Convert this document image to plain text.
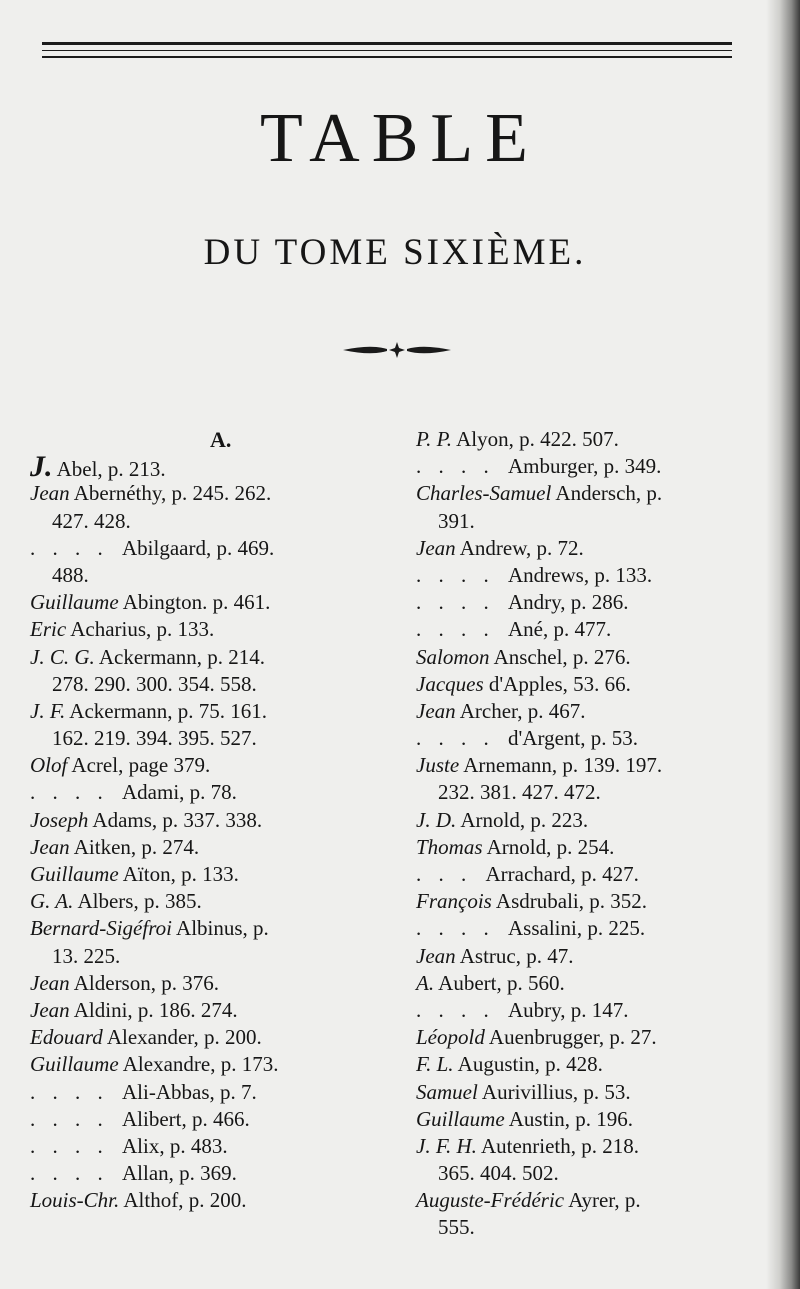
TABLE
DU TOME SIXIÈME.
A.
J. Abel, p. 213.
Jean Abernéthy, p. 245. 262.
427. 428.
. . . . Abilgaard, p. 469.
488.
Guillaume Abington. p. 461.
Eric Acharius, p. 133.
J. C. G. Ackermann, p. 214.
278. 290. 300. 354. 558.
J. F. Ackermann, p. 75. 161.
162. 219. 394. 395. 527.
Olof Acrel, page 379.
. . . . Adami, p. 78.
Joseph Adams, p. 337. 338.
Jean Aitken, p. 274.
Guillaume Aïton, p. 133.
G. A. Albers, p. 385.
Bernard-Sigéfroi Albinus, p.
13. 225.
Jean Alderson, p. 376.
Jean Aldini, p. 186. 274.
Edouard Alexander, p. 200.
Guillaume Alexandre, p. 173.
. . . . Ali-Abbas, p. 7.
. . . . Alibert, p. 466.
. . . . Alix, p. 483.
. . . . Allan, p. 369.
Louis-Chr. Althof, p. 200.
P. P. Alyon, p. 422. 507.
. . . . Amburger, p. 349.
Charles-Samuel Andersch, p.
391.
Jean Andrew, p. 72.
. . . . Andrews, p. 133.
. . . . Andry, p. 286.
. . . . Ané, p. 477.
Salomon Anschel, p. 276.
Jacques d'Apples, 53. 66.
Jean Archer, p. 467.
. . . . d'Argent, p. 53.
Juste Arnemann, p. 139. 197.
232. 381. 427. 472.
J. D. Arnold, p. 223.
Thomas Arnold, p. 254.
. . . Arrachard, p. 427.
François Asdrubali, p. 352.
. . . . Assalini, p. 225.
Jean Astruc, p. 47.
A. Aubert, p. 560.
. . . . Aubry, p. 147.
Léopold Auenbrugger, p. 27.
F. L. Augustin, p. 428.
Samuel Aurivillius, p. 53.
Guillaume Austin, p. 196.
J. F. H. Autenrieth, p. 218.
365. 404. 502.
Auguste-Frédéric Ayrer, p.
555.
